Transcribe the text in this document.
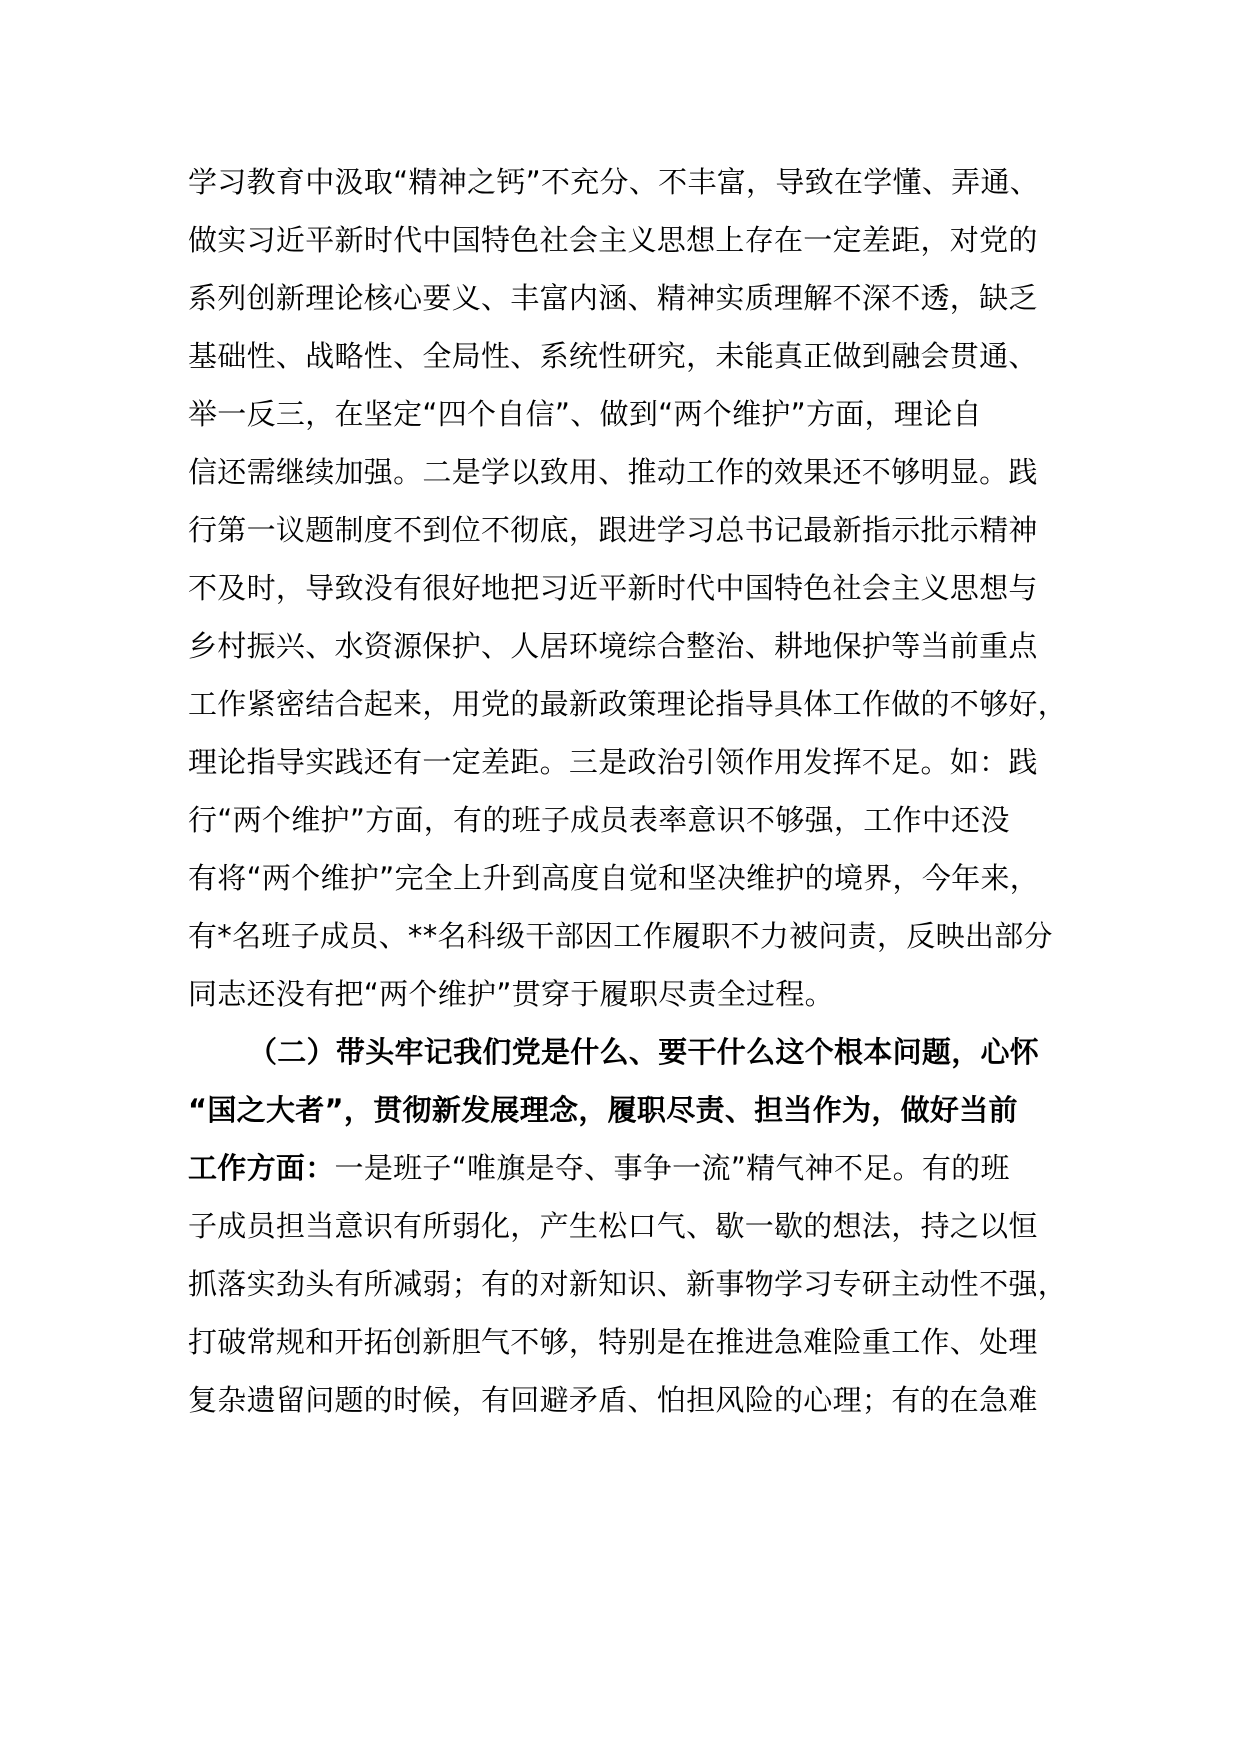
学习教育中汲取“精神之钙”不充分、不丰富，导致在学懂、弄通、
做实习近平新时代中国特色社会主义思想上存在一定差距，对党的
系列创新理论核心要义、丰富内涵、精神实质理解不深不透，缺乏
基础性、战略性、全局性、系统性研究，未能真正做到融会贯通、
举一反三，在坚定“四个自信”、做到“两个维护”方面，理论自
信还需继续加强。二是学以致用、推动工作的效果还不够明显。践
行第一议题制度不到位不彻底，跟进学习总书记最新指示批示精神
不及时，导致没有很好地把习近平新时代中国特色社会主义思想与
乡村振兴、水资源保护、人居环境综合整治、耕地保护等当前重点
工作紧密结合起来，用党的最新政策理论指导具体工作做的不够好，
理论指导实践还有一定差距。三是政治引领作用发挥不足。如：践
行“两个维护”方面，有的班子成员表率意识不够强，工作中还没
有将“两个维护”完全上升到高度自觉和坚决维护的境界，今年来，
有*名班子成员、**名科级干部因工作履职不力被问责，反映出部分
同志还没有把“两个维护”贯穿于履职尽责全过程。
（二）带头牢记我们党是什么、要干什么这个根本问题，心怀
“国之大者”，贯彻新发展理念，履职尽责、担当作为，做好当前
工作方面：一是班子“唯旗是夺、事争一流”精气神不足。有的班
子成员担当意识有所弱化，产生松口气、歇一歇的想法，持之以恒
抓落实劲头有所减弱；有的对新知识、新事物学习专研主动性不强，
打破常规和开拓创新胆气不够，特别是在推进急难险重工作、处理
复杂遗留问题的时候，有回避矛盾、怕担风险的心理；有的在急难
